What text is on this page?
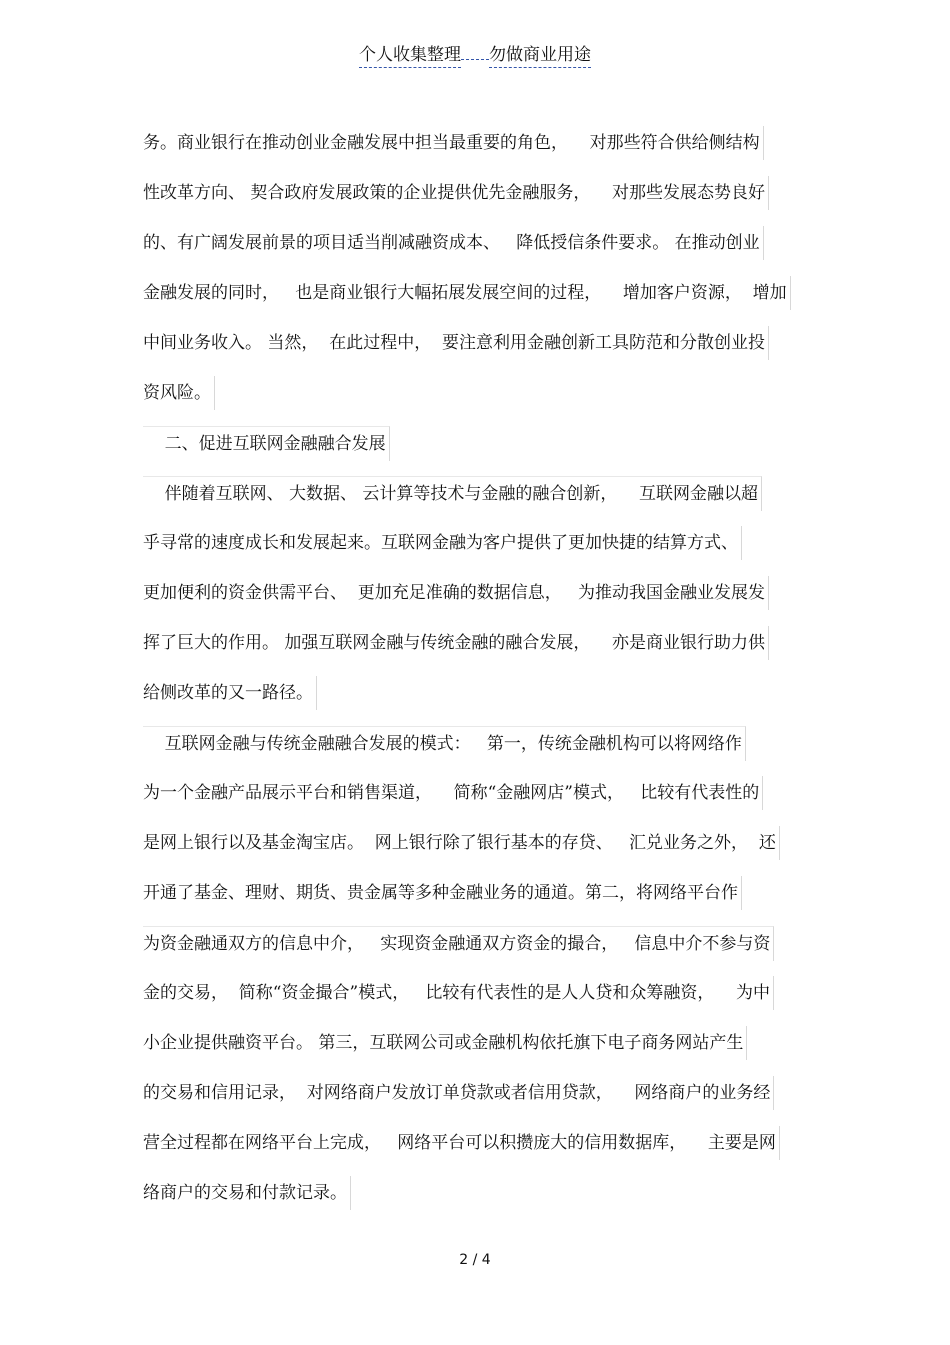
个人收集整理 勿做商业用途
务。商业银行在推动创业金融发展中担当最重要的角色，    对那些符合供给侧结构
性改革方向、 契合政府发展政策的企业提供优先金融服务，    对那些发展态势良好
的、有广阔发展前景的项目适当削减融资成本、   降低授信条件要求。 在推动创业
金融发展的同时，   也是商业银行大幅拓展发展空间的过程，    增加客户资源，  增加
中间业务收入。 当然，  在此过程中，  要注意利用金融创新工具防范和分散创业投
资风险。
二、促进互联网金融融合发展
伴随着互联网、 大数据、 云计算等技术与金融的融合创新，    互联网金融以超
乎寻常的速度成长和发展起来。互联网金融为客户提供了更加快捷的结算方式、
更加便利的资金供需平台、  更加充足准确的数据信息，   为推动我国金融业发展发
挥了巨大的作用。 加强互联网金融与传统金融的融合发展，    亦是商业银行助力供
给侧改革的又一路径。
互联网金融与传统金融融合发展的模式：   第一，传统金融机构可以将网络作
为一个金融产品展示平台和销售渠道，    简称“金融网店”模式，   比较有代表性的
是网上银行以及基金淘宝店。  网上银行除了银行基本的存贷、   汇兑业务之外，  还
开通了基金、理财、期货、贵金属等多种金融业务的通道。第二，将网络平台作
为资金融通双方的信息中介，   实现资金融通双方资金的撮合，   信息中介不参与资
金的交易，  简称“资金撮合”模式，   比较有代表性的是人人贷和众筹融资，    为中
小企业提供融资平台。 第三，互联网公司或金融机构依托旗下电子商务网站产生
的交易和信用记录，  对网络商户发放订单贷款或者信用贷款，    网络商户的业务经
营全过程都在网络平台上完成，   网络平台可以积攒庞大的信用数据库，    主要是网
络商户的交易和付款记录。
2 / 4
